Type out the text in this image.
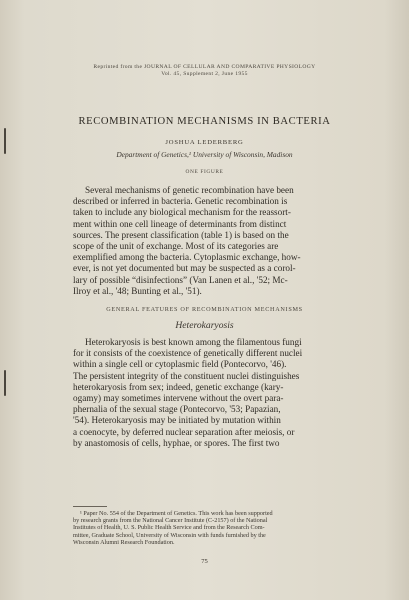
Reprinted from the JOURNAL OF CELLULAR AND COMPARATIVE PHYSIOLOGY
Vol. 45, Supplement 2, June 1955
RECOMBINATION MECHANISMS IN BACTERIA
JOSHUA LEDERBERG
Department of Genetics,¹ University of Wisconsin, Madison
ONE FIGURE
Several mechanisms of genetic recombination have been
described or inferred in bacteria. Genetic recombination is
taken to include any biological mechanism for the reassort-
ment within one cell lineage of determinants from distinct
sources. The present classification (table 1) is based on the
scope of the unit of exchange. Most of its categories are
exemplified among the bacteria. Cytoplasmic exchange, how-
ever, is not yet documented but may be suspected as a corol-
lary of possible “disinfections” (Van Lanen et al., '52; Mc-
Ilroy et al., '48; Bunting et al., '51).
GENERAL FEATURES OF RECOMBINATION MECHANISMS
Heterokaryosis
Heterokaryosis is best known among the filamentous fungi
for it consists of the coexistence of genetically different nuclei
within a single cell or cytoplasmic field (Pontecorvo, '46).
The persistent integrity of the constituent nuclei distinguishes
heterokaryosis from sex; indeed, genetic exchange (kary-
ogamy) may sometimes intervene without the overt para-
phernalia of the sexual stage (Pontecorvo, '53; Papazian,
'54). Heterokaryosis may be initiated by mutation within
a coenocyte, by deferred nuclear separation after meiosis, or
by anastomosis of cells, hyphae, or spores. The first two
¹ Paper No. 554 of the Department of Genetics. This work has been supported
by research grants from the National Cancer Institute (C-2157) of the National
Institutes of Health, U. S. Public Health Service and from the Research Com-
mittee, Graduate School, University of Wisconsin with funds furnished by the
Wisconsin Alumni Research Foundation.
75
